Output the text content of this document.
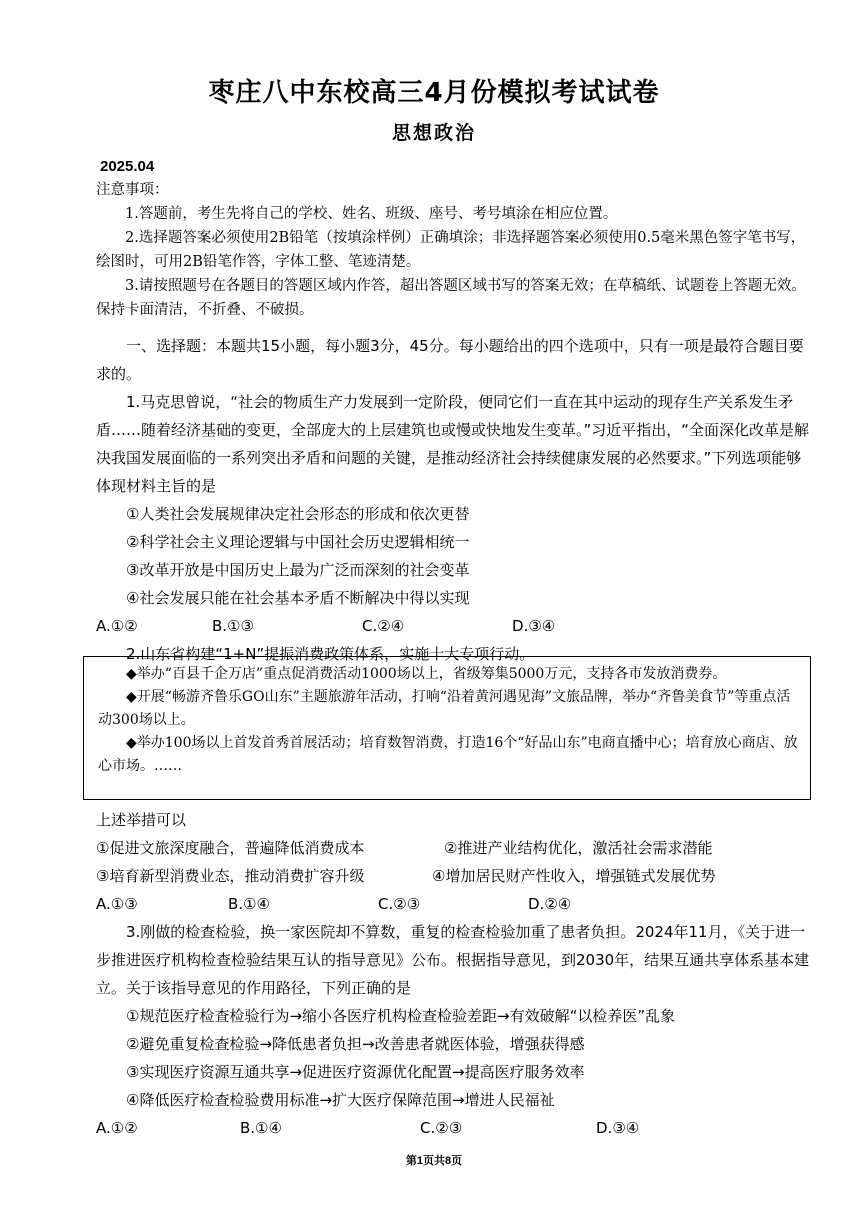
枣庄八中东校高三4月份模拟考试试卷
思想政治
2025.04

注意事项：

1.答题前，考生先将自己的学校、姓名、班级、座号、考号填涂在相应位置。

2.选择题答案必须使用2B铅笔（按填涂样例）正确填涂；非选择题答案必须使用0.5毫米黑色签字笔书写，绘图时，可用2B铅笔作答，字体工整、笔迹清楚。

3.请按照题号在各题目的答题区域内作答，超出答题区域书写的答案无效；在草稿纸、试题卷上答题无效。保持卡面清洁，不折叠、不破损。

一、选择题：本题共15小题，每小题3分，45分。每小题给出的四个选项中，只有一项是最符合题目要求的。

1.马克思曾说，“社会的物质生产力发展到一定阶段，便同它们一直在其中运动的现存生产关系发生矛盾……随着经济基础的变更，全部庞大的上层建筑也或慢或快地发生变革。”习近平指出，“全面深化改革是解决我国发展面临的一系列突出矛盾和问题的关键，是推动经济社会持续健康发展的必然要求。”下列选项能够体现材料主旨的是

①人类社会发展规律决定社会形态的形成和依次更替

②科学社会主义理论逻辑与中国社会历史逻辑相统一

③改革开放是中国历史上最为广泛而深刻的社会变革

④社会发展只能在社会基本矛盾不断解决中得以实现

A.①②	B.①③	C.②④	D.③④

2.山东省构建“1+N”提振消费政策体系，实施十大专项行动。

◆举办“百县千企万店”重点促消费活动1000场以上，省级筹集5000万元，支持各市发放消费券。

◆开展“畅游齐鲁乐GO山东”主题旅游年活动，打响“沿着黄河遇见海”文旅品牌，举办“齐鲁美食节”等重点活动300场以上。

◆举办100场以上首发首秀首展活动；培育数智消费，打造16个“好品山东”电商直播中心；培育放心商店、放心市场。……

上述举措可以

①促进文旅深度融合，普遍降低消费成本	②推进产业结构优化，激活社会需求潜能

③培育新型消费业态，推动消费扩容升级	④增加居民财产性收入，增强链式发展优势

A.①③	B.①④	C.②③	D.②④

3.刚做的检查检验，换一家医院却不算数，重复的检查检验加重了患者负担。2024年11月，《关于进一步推进医疗机构检查检验结果互认的指导意见》公布。根据指导意见，到2030年，结果互通共享体系基本建立。关于该指导意见的作用路径，下列正确的是

①规范医疗检查检验行为→缩小各医疗机构检查检验差距→有效破解“以检养医”乱象

②避免重复检查检验→降低患者负担→改善患者就医体验，增强获得感

③实现医疗资源互通共享→促进医疗资源优化配置→提高医疗服务效率

④降低医疗检查检验费用标准→扩大医疗保障范围→增进人民福祉

A.①②	B.①④	C.②③	D.③④

第1页共8页
